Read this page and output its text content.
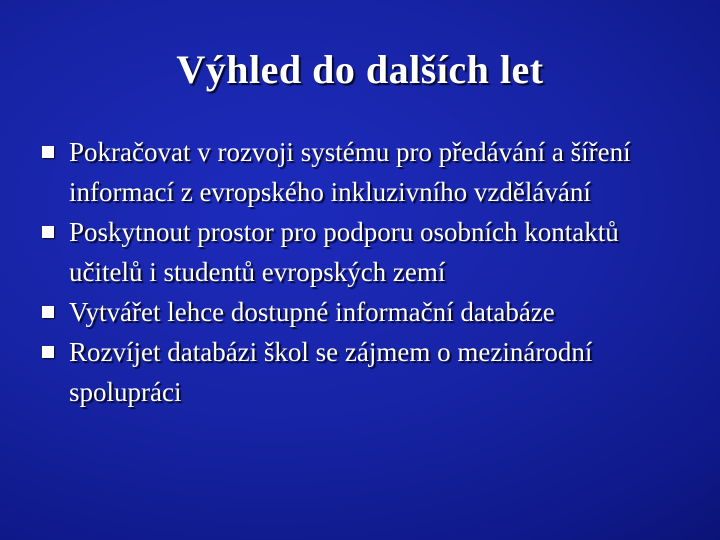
Výhled do dalších let
Pokračovat v rozvoji systému pro předávání a šíření informací z evropského inkluzivního vzdělávání
Poskytnout prostor pro podporu osobních kontaktů učitelů i studentů evropských zemí
Vytvářet lehce dostupné informační databáze
Rozvíjet databázi škol se zájmem o mezinárodní spolupráci
